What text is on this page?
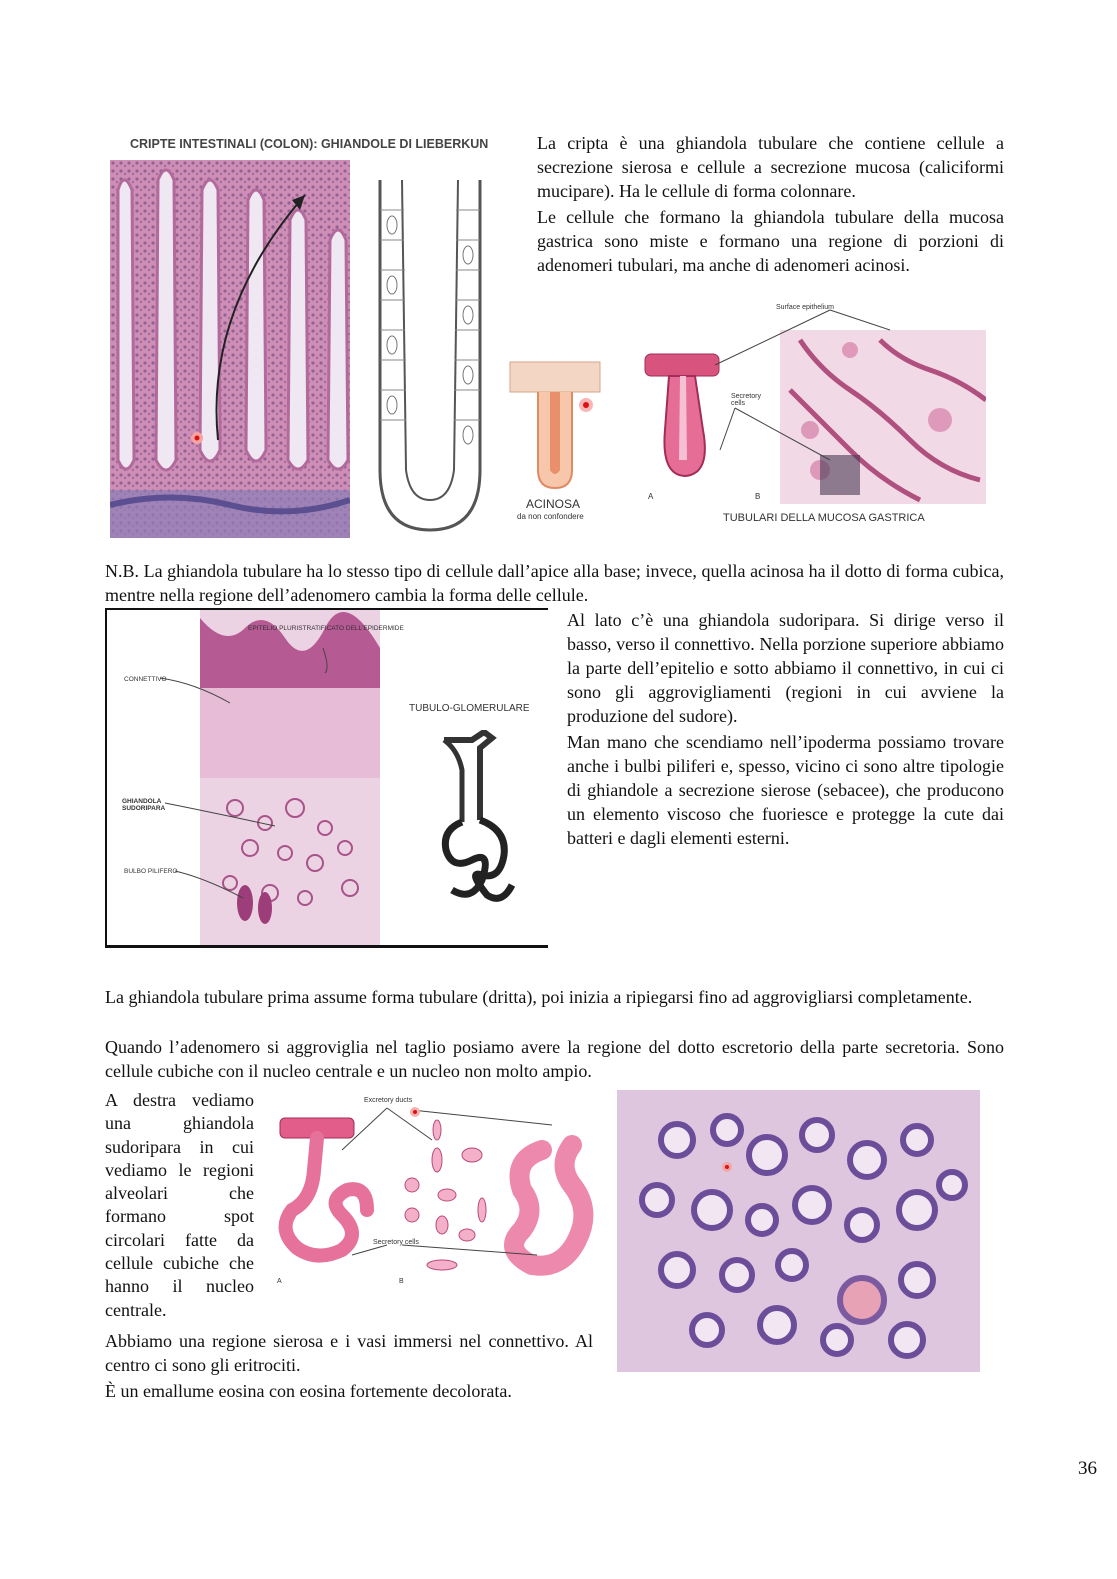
CRIPTE INTESTINALI (COLON): GHIANDOLE DI LIEBERKUN	La cripta è una ghiandola tubulare che contiene cellule a secrezione sierosa e cellule a secrezione mucosa (caliciformi mucipare). Ha le cellule di forma colonnare.
Le cellule che formano la ghiandola tubulare della mucosa gastrica sono miste e formano una regione di porzioni di adenomeri tubulari, ma anche di adenomeri acinosi.
ACINOSA
da non confondere
Surface epithelium
Secretory cells
A	B
TUBULARI DELLA MUCOSA GASTRICA
N.B. La ghiandola tubulare ha lo stesso tipo di cellule dall’apice alla base; invece, quella acinosa ha il dotto di forma cubica, mentre nella regione dell’adenomero cambia la forma delle cellule.
EPITELIO PLURISTRATIFICATO DELL'EPIDERMIDE
CONNETTIVO
GHIANDOLA SUDORIPARA
BULBO PILIFERO
TUBULO-GLOMERULARE
Al lato c’è una ghiandola sudoripara. Si dirige verso il basso, verso il connettivo. Nella porzione superiore abbiamo la parte dell’epitelio e sotto abbiamo il connettivo, in cui ci sono gli aggrovigliamenti (regioni in cui avviene la produzione del sudore).
Man mano che scendiamo nell’ipoderma possiamo trovare anche i bulbi piliferi e, spesso, vicino ci sono altre tipologie di ghiandole a secrezione sierose (sebacee), che producono un elemento viscoso che fuoriesce e protegge la cute dai batteri e dagli elementi esterni.
La ghiandola tubulare prima assume forma tubulare (dritta), poi inizia a ripiegarsi fino ad aggrovigliarsi completamente.
Quando l’adenomero si aggroviglia nel taglio posiamo avere la regione del dotto escretorio della parte secretoria. Sono cellule cubiche con il nucleo centrale e un nucleo non molto ampio.
A destra vediamo una ghiandola sudoripara in cui vediamo le regioni alveolari che formano spot circolari fatte da cellule cubiche che hanno il nucleo centrale.
Excretory ducts
Secretory cells
A	B
Abbiamo una regione sierosa e i vasi immersi nel connettivo. Al centro ci sono gli eritrociti.
È un emallume eosina con eosina fortemente decolorata.
36
